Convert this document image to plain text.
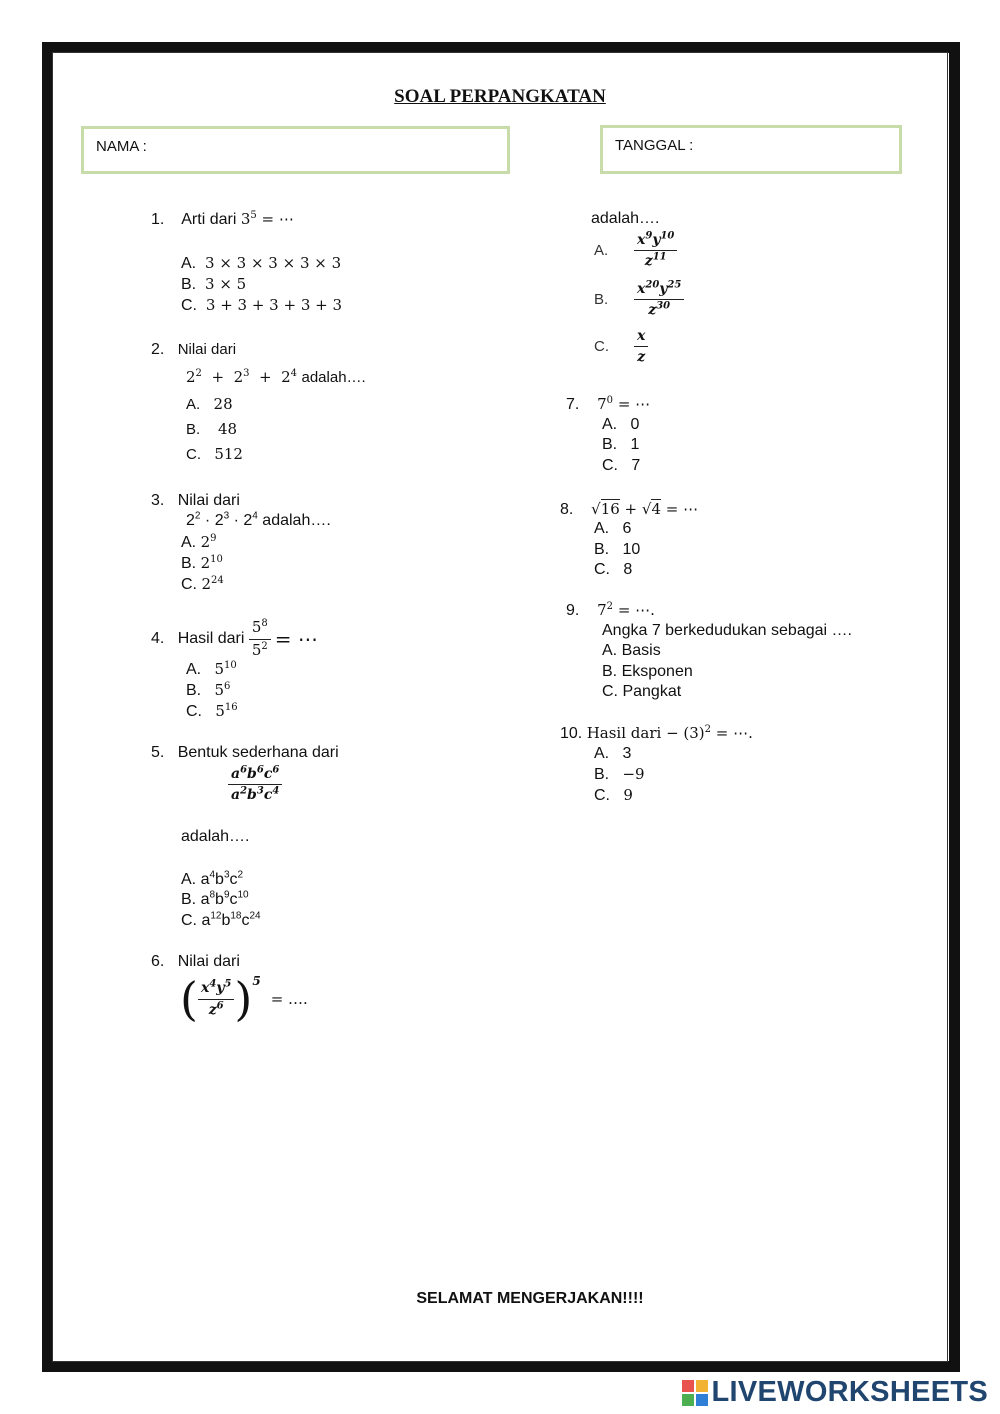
SOAL PERPANGKATAN
NAMA :	TANGGAL :
1. Arti dari $3^5$ = ⋯
A. 3 × 3 × 3 × 3 × 3
B. 3 × 5
C. 3 + 3 + 3 + 3 + 3
2. Nilai dari
$2^2 + 2^3 + 2^4$ adalah….
A. 28
B. 48
C. 512
3. Nilai dari
$2^2 \cdot 2^3 \cdot 2^4$ adalah….
A. $2^9$
B. $2^{10}$
C. $2^{24}$
4.
Hasil dari
$\frac{5^8}{5^2}$ = ⋯
A. $5^{10}$
B. $5^6$
C. $5^{16}$
5. Bentuk sederhana dari
$\frac{a^6b^6c^6}{a^2b^3c^4}$
adalah….
A. $a^4b^3c^2$
B. $a^8b^9c^{10}$
C. $a^{12}b^{18}c^{24}$
6. Nilai dari
( $\frac{x^4y^5}{z^6}$ ) 5
= ….
adalah….
A.	$\frac{x^9y^{10}}{z^{11}}$
B.	$\frac{x^{20}y^{25}}{z^{30}}$
C.	$\frac{x}{z}$
7. $7^0$ = ⋯
A. 0
B. 1
C. 7
8. √16 + √4 = ⋯
A. 6
B. 10
C. 8
9. $7^2$ = ⋯.
Angka 7 berkedudukan sebagai ….
A. Basis
B. Eksponen
C. Pangkat
10. Hasil dari − $(3)^2$ = ⋯.
A. 3
B. −9
C. 9
SELAMAT MENGERJAKAN!!!!
LIVEWORKSHEETS
